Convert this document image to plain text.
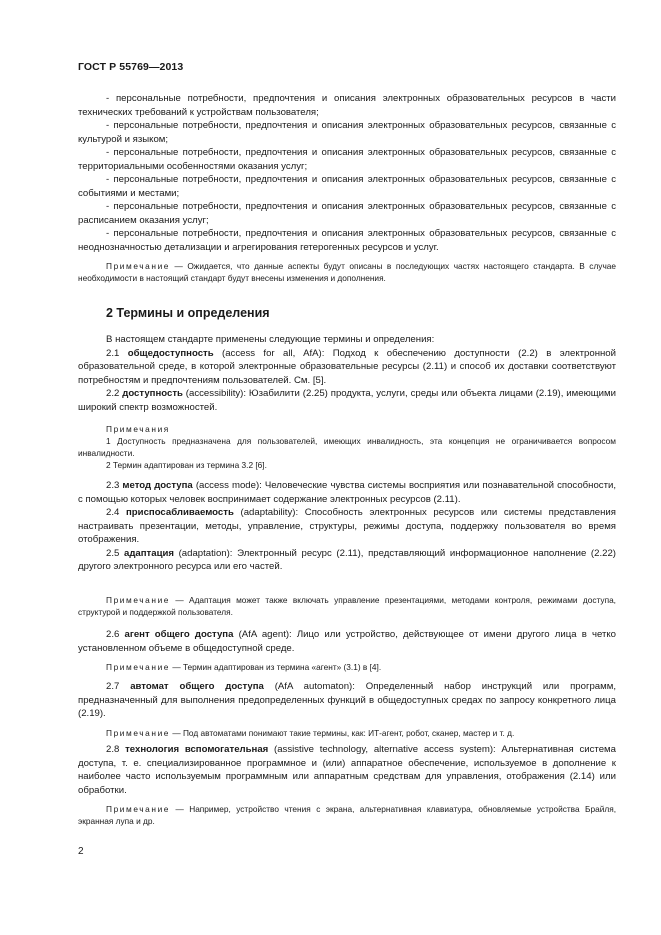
ГОСТ Р 55769—2013

- персональные потребности, предпочтения и описания электронных образовательных ресурсов в части технических требований к устройствам пользователя;

- персональные потребности, предпочтения и описания электронных образовательных ресурсов, связанные с культурой и языком;

- персональные потребности, предпочтения и описания электронных образовательных ресурсов, связанные с территориальными особенностями оказания услуг;

- персональные потребности, предпочтения и описания электронных образовательных ресурсов, связанные с событиями и местами;

- персональные потребности, предпочтения и описания электронных образовательных ресурсов, связанные с расписанием оказания услуг;

- персональные потребности, предпочтения и описания электронных образовательных ресурсов, связанные с неоднозначностью детализации и агрегирования гетерогенных ресурсов и услуг.

Примечание — Ожидается, что данные аспекты будут описаны в последующих частях настоящего стандарта. В случае необходимости в настоящий стандарт будут внесены изменения и дополнения.

2 Термины и определения

В настоящем стандарте применены следующие термины и определения:

2.1 общедоступность (access for all, AfA): Подход к обеспечению доступности (2.2) в электронной образовательной среде, в которой электронные образовательные ресурсы (2.11) и способ их доставки соответствуют потребностям и предпочтениям пользователей. См. [5].

2.2 доступность (accessibility): Юзабилити (2.25) продукта, услуги, среды или объекта лицами (2.19), имеющими широкий спектр возможностей.

Примечания

1 Доступность предназначена для пользователей, имеющих инвалидность, эта концепция не ограничивается вопросом инвалидности.

2 Термин адаптирован из термина 3.2 [6].

2.3 метод доступа (access mode): Человеческие чувства системы восприятия или познавательной способности, с помощью которых человек воспринимает содержание электронных ресурсов (2.11).

2.4 приспосабливаемость (adaptability): Способность электронных ресурсов или системы представления настраивать презентации, методы, управление, структуры, режимы доступа, поддержку пользователя во время отображения.

2.5 адаптация (adaptation): Электронный ресурс (2.11), представляющий информационное наполнение (2.22) другого электронного ресурса или его частей.

Примечание — Адаптация может также включать управление презентациями, методами контроля, режимами доступа, структурой и поддержкой пользователя.

2.6 агент общего доступа (AfA agent): Лицо или устройство, действующее от имени другого лица в четко установленном объеме в общедоступной среде.

Примечание — Термин адаптирован из термина «агент» (3.1) в [4].

2.7 автомат общего доступа (AfA automaton): Определенный набор инструкций или программ, предназначенный для выполнения предопределенных функций в общедоступных средах по запросу конкретного лица (2.19).

Примечание — Под автоматами понимают такие термины, как: ИТ-агент, робот, сканер, мастер и т. д.

2.8 технология вспомогательная (assistive technology, alternative access system): Альтернативная система доступа, т. е. специализированное программное и (или) аппаратное обеспечение, используемое в дополнение к наиболее часто используемым программным или аппаратным средствам для управления, отображения (2.14) или обработки.

Примечание — Например, устройство чтения с экрана, альтернативная клавиатура, обновляемые устройства Брайля, экранная лупа и др.

2
